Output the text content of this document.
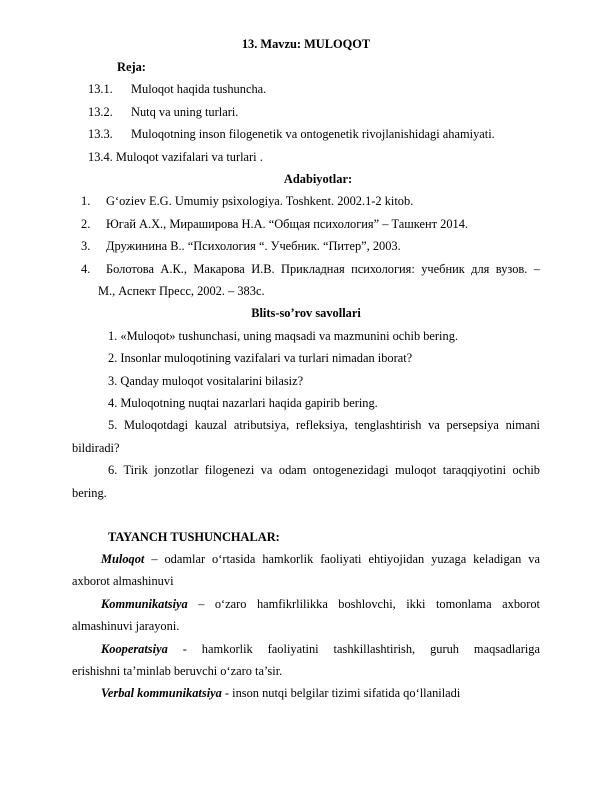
13. Mavzu: MULOQOT
Reja:
13.1. Muloqot haqida tushuncha.
13.2. Nutq va uning turlari.
13.3. Muloqotning inson filogenetik va ontogenetik rivojlanishidagi ahamiyati.
13.4. Muloqot vazifalari va turlari .
Adabiyotlar:
1. G‘oziev E.G. Umumiy psixologiya. Toshkent. 2002.1-2 kitob.
2. Югай А.Х., Мираширова Н.А. “Общая психология” – Ташкент 2014.
3. Дружинина В.. “Психология “. Учебник. “Питер”, 2003.
4. Болотова А.К., Макарова И.В. Прикладная психология: учебник для вузов. –
М., Аспект Пресс, 2002. – 383с.
Blits-so’rov savollari
1. «Muloqot» tushunchasi, uning maqsadi va mazmunini ochib bering.
2. Insonlar muloqotining vazifalari va turlari nimadan iborat?
3. Qanday muloqot vositalarini bilasiz?
4. Muloqotning nuqtai nazarlari haqida gapirib bering.
5. Muloqotdagi kauzal atributsiya, refleksiya, tenglashtirish va persepsiya nimani
bildiradi?
6. Tirik jonzotlar filogenezi va odam ontogenezidagi muloqot taraqqiyotini ochib
bering.
TAYANCH TUSHUNCHALAR:
Muloqot – odamlar o‘rtasida hamkorlik faoliyati ehtiyojidan yuzaga keladigan va
axborot almashinuvi
Kommunikatsiya – o‘zaro hamfikrlilikka boshlovchi, ikki tomonlama axborot
almashinuvi jarayoni.
Kooperatsiya - hamkorlik faoliyatini tashkillashtirish, guruh maqsadlariga
erishishni ta’minlab beruvchi o‘zaro ta’sir.
Verbal kommunikatsiya - inson nutqi belgilar tizimi sifatida qo‘llaniladi
